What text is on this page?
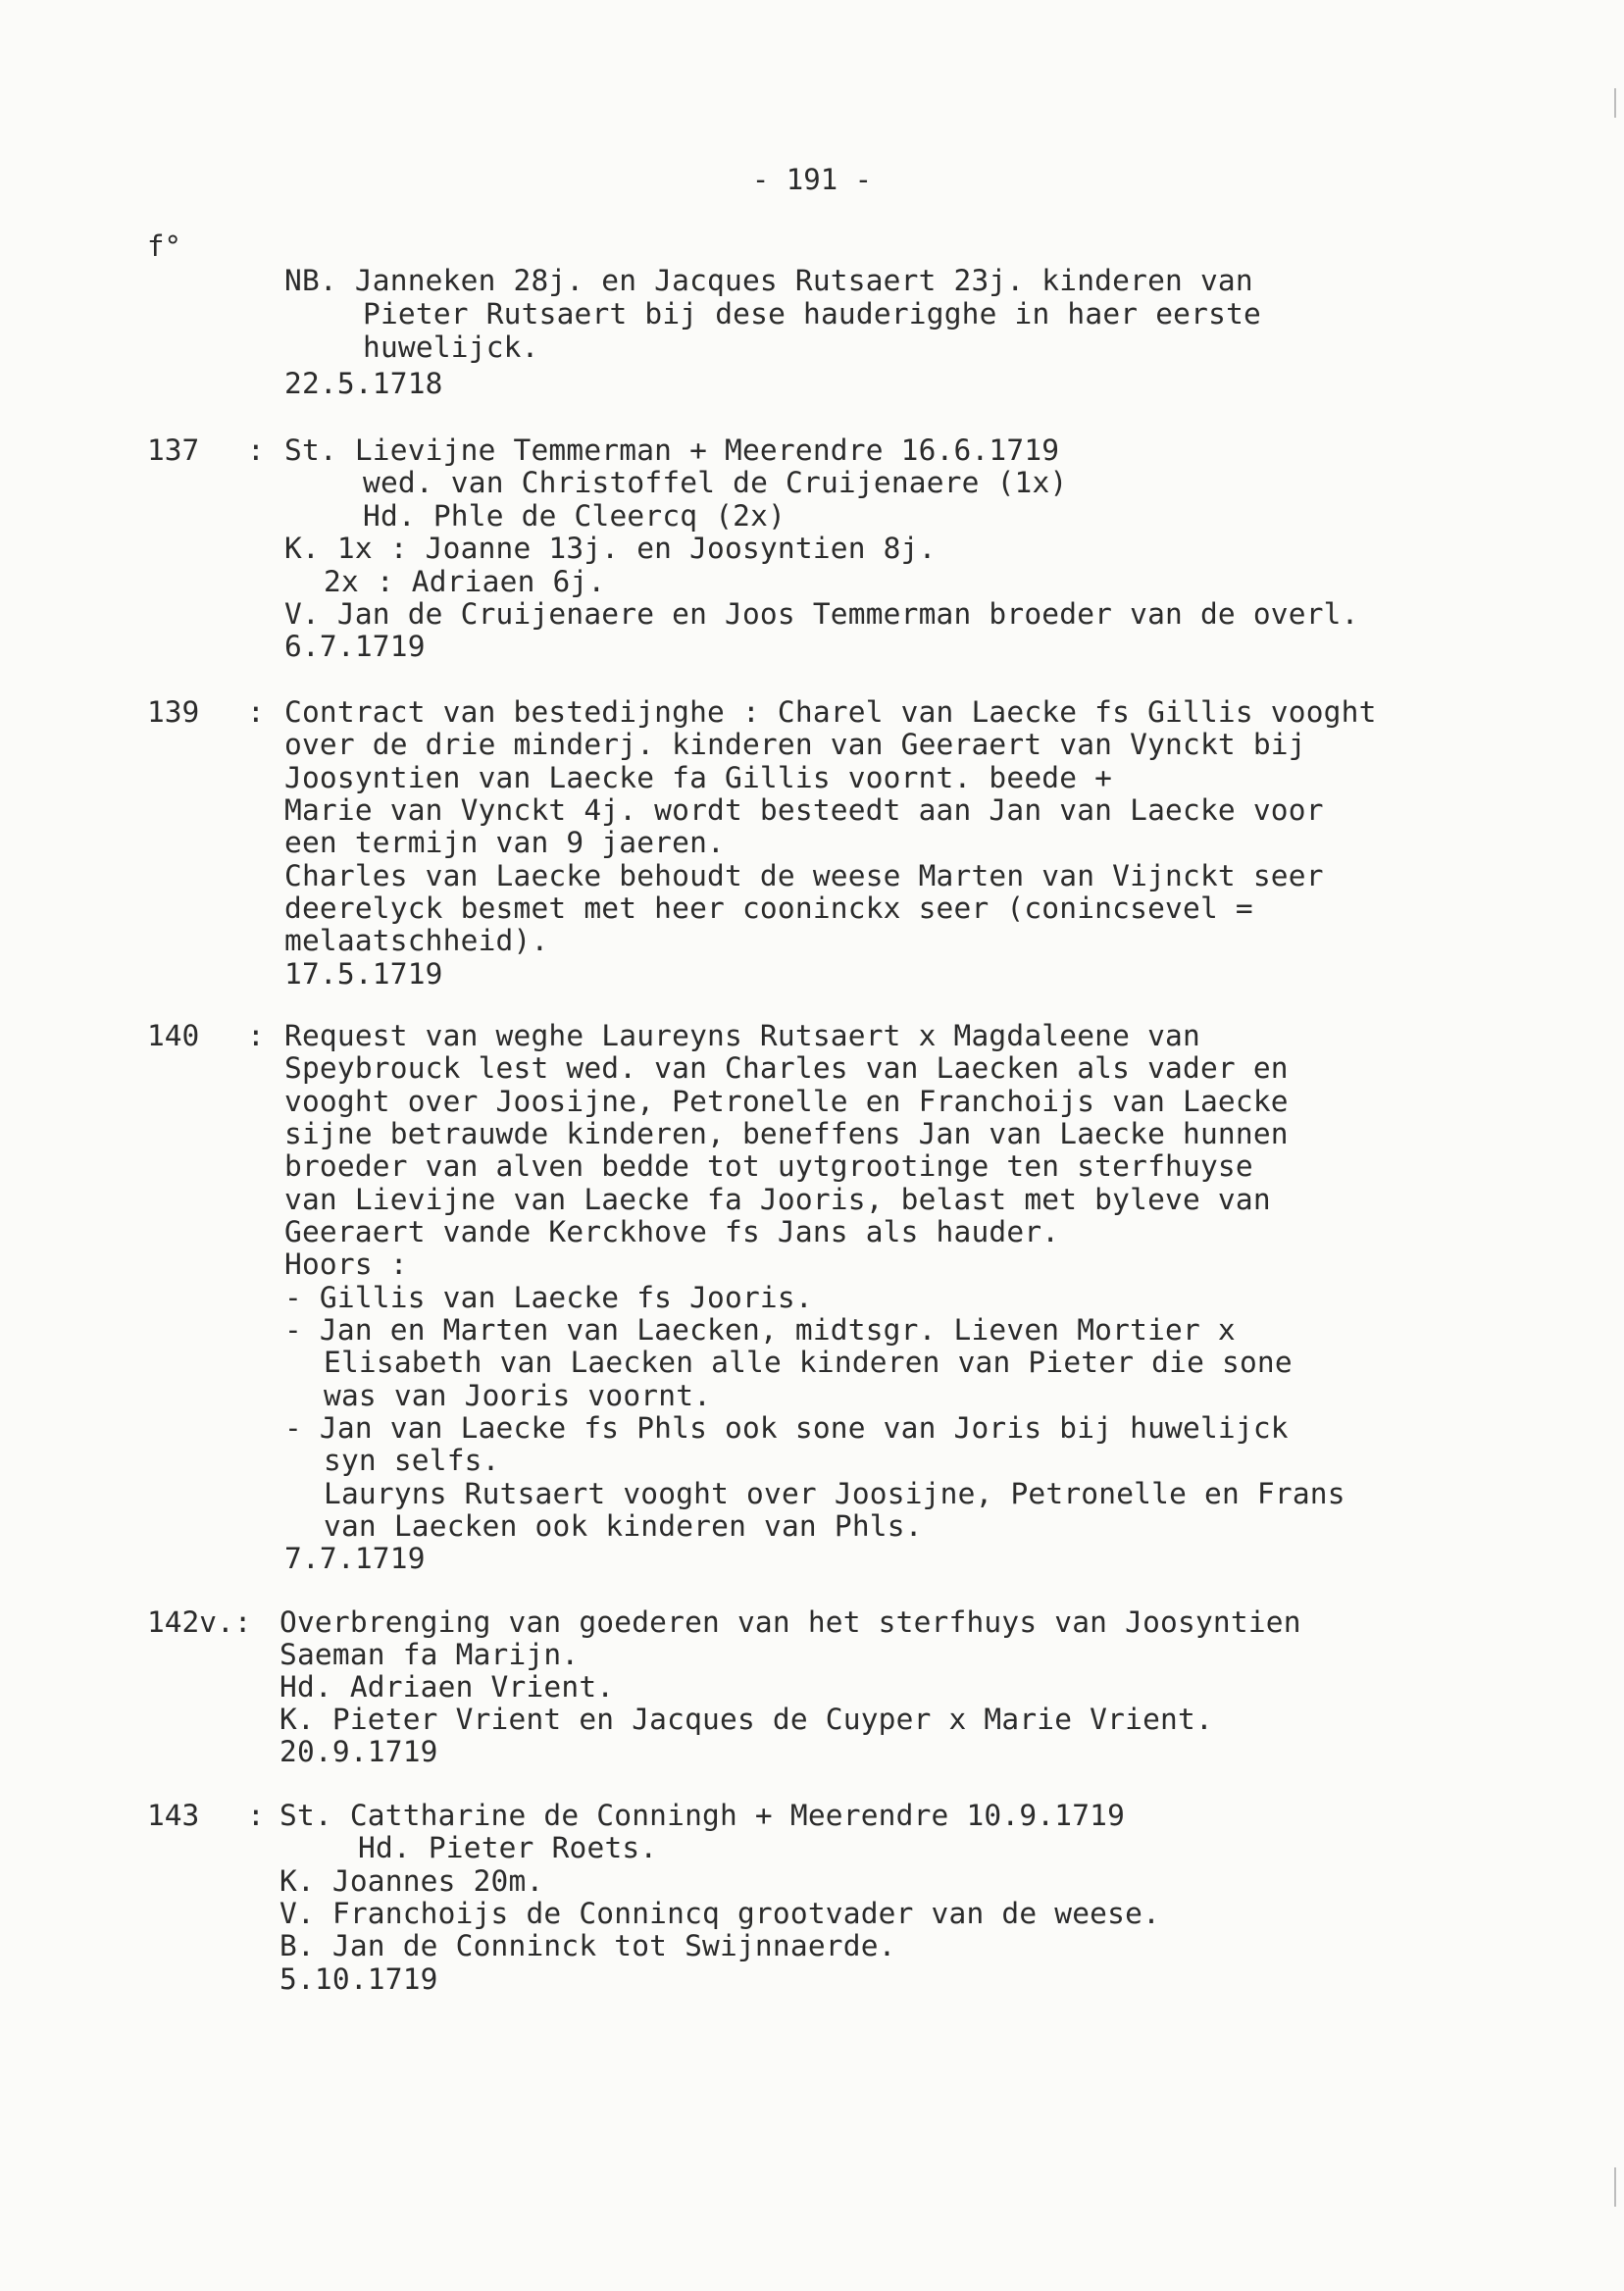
- 191 -
f°
NB. Janneken 28j. en Jacques Rutsaert 23j. kinderen van
Pieter Rutsaert bij dese hauderigghe in haer eerste
huwelijck.
22.5.1718
137 : St. Lievijne Temmerman + Meerendre 16.6.1719
wed. van Christoffel de Cruijenaere (1x)
Hd. Phle de Cleercq (2x)
K. 1x : Joanne 13j. en Joosyntien 8j.
2x : Adriaen 6j.
V. Jan de Cruijenaere en Joos Temmerman broeder van de overl.
6.7.1719
139 : Contract van bestedijnghe : Charel van Laecke fs Gillis vooght
over de drie minderj. kinderen van Geeraert van Vynckt bij
Joosyntien van Laecke fa Gillis voornt. beede +
Marie van Vynckt 4j. wordt besteedt aan Jan van Laecke voor
een termijn van 9 jaeren.
Charles van Laecke behoudt de weese Marten van Vijnckt seer
deerelyck besmet met heer cooninckx seer (conincsevel =
melaatschheid).
17.5.1719
140 : Request van weghe Laureyns Rutsaert x Magdaleene van
Speybrouck lest wed. van Charles van Laecken als vader en
vooght over Joosijne, Petronelle en Franchoijs van Laecke
sijne betrauwde kinderen, beneffens Jan van Laecke hunnen
broeder van alven bedde tot uytgrootinge ten sterfhuyse
van Lievijne van Laecke fa Jooris, belast met byleve van
Geeraert vande Kerckhove fs Jans als hauder.
Hoors :
- Gillis van Laecke fs Jooris.
- Jan en Marten van Laecken, midtsgr. Lieven Mortier x
Elisabeth van Laecken alle kinderen van Pieter die sone
was van Jooris voornt.
- Jan van Laecke fs Phls ook sone van Joris bij huwelijck
syn selfs.
Lauryns Rutsaert vooght over Joosijne, Petronelle en Frans
van Laecken ook kinderen van Phls.
7.7.1719
142v.: Overbrenging van goederen van het sterfhuys van Joosyntien
Saeman fa Marijn.
Hd. Adriaen Vrient.
K. Pieter Vrient en Jacques de Cuyper x Marie Vrient.
20.9.1719
143 : St. Cattharine de Conningh + Meerendre 10.9.1719
Hd. Pieter Roets.
K. Joannes 20m.
V. Franchoijs de Connincq grootvader van de weese.
B. Jan de Conninck tot Swijnnaerde.
5.10.1719
